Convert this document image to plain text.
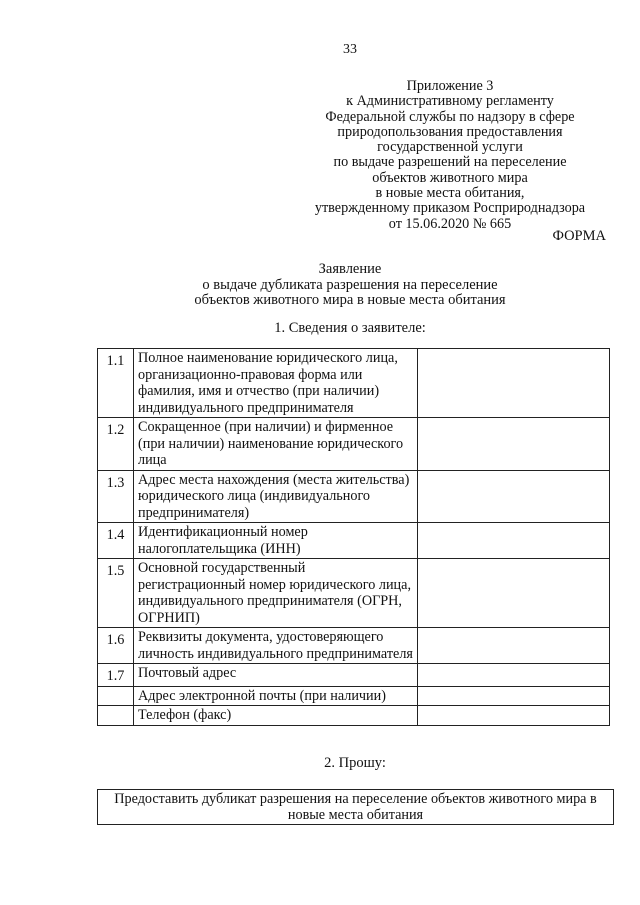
33
Приложение 3
к Административному регламенту
Федеральной службы по надзору в сфере
природопользования предоставления
государственной услуги
по выдаче разрешений на переселение
объектов животного мира
в новые места обитания,
утвержденному приказом Росприроднадзора
от 15.06.2020 № 665
ФОРМА
Заявление
о выдаче дубликата разрешения на переселение
объектов животного мира в новые места обитания
1. Сведения о заявителе:
1.1	Полное наименование юридического лица, организационно-правовая форма или фамилия, имя и отчество (при наличии) индивидуального предпринимателя	
1.2	Сокращенное (при наличии) и фирменное (при наличии) наименование юридического лица	
1.3	Адрес места нахождения (места жительства) юридического лица (индивидуального предпринимателя)	
1.4	Идентификационный номер налогоплательщика (ИНН)	
1.5	Основной государственный регистрационный номер юридического лица, индивидуального предпринимателя (ОГРН, ОГРНИП)	
1.6	Реквизиты документа, удостоверяющего личность индивидуального предпринимателя	
1.7	Почтовый адрес	
	Адрес электронной почты (при наличии)	
	Телефон (факс)	
2. Прошу:
Предоставить дубликат разрешения на переселение объектов животного мира в новые места обитания
